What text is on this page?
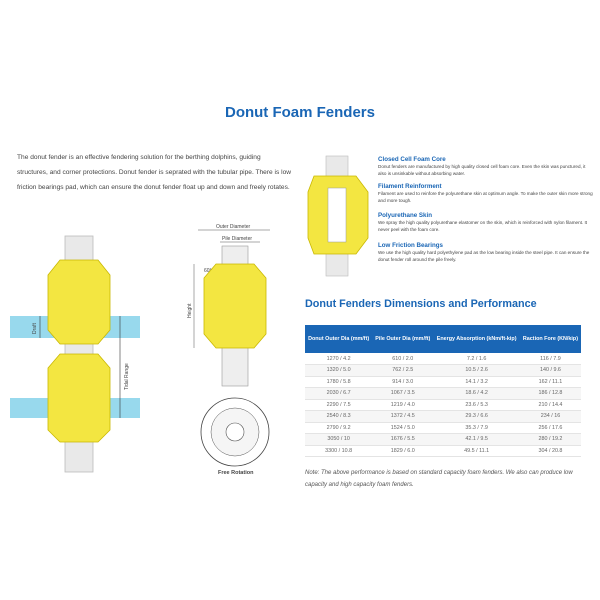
Donut Foam Fenders
The donut fender is an effective fendering solution for the berthing dolphins, guiding structures, and corner protections. Donut fender is seprated with the tubular pipe. There is low friction bearings pad, which can ensure the donut fender float up and down and freely rotates.
Draft
Tidal Range
Outer Diameter
Pile Diameter
60°
Height
Free Rotation
Closed Cell Foam Core
Donut fenders are manufactured by high quality closed cell foam core. Even the skin was punctured, it also is unsinkable without absorbing water.
Filament Reinforment
Filament are used to reinfore the polyurethane skin at optimum angle. To make the outer skin more strong and more tough.
Polyurethane Skin
We spray the high quality polyurethane elastomer on the skin, which is reinforced with nylon filament. It never peel with the foam core.
Low Friction Bearings
We use the high quality hard polyethylene pad as the low bearing inside the steel pipe. It can ensure the donut fender roll around the pile freely.
Donut Fenders Dimensions and Performance
Donut Outer Dia (mm/ft)	Pile Outer Dia (mm/ft)	Energy Absorption (kNm/ft-kip)	Raction Fore (KN/kip)
1270 / 4.2	610 / 2.0	7.2 / 1.6	116 / 7.9
1320 / 5.0	762 / 2.5	10.5 / 2.6	140 / 9.6
1780 / 5.8	914 / 3.0	14.1 / 3.2	162 / 11.1
2030 / 6.7	1067 / 3.5	18.6 / 4.2	186 / 12.8
2290 / 7.5	1219 / 4.0	23.6 / 5.3	210 / 14.4
2540 / 8.3	1372 / 4.5	29.3 / 6.6	234 / 16
2790 / 9.2	1524 / 5.0	35.3 / 7.9	256 / 17.6
3050 / 10	1676 / 5.5	42.1 / 9.5	280 / 19.2
3300 / 10.8	1829 / 6.0	49.5 / 11.1	304 / 20.8
Note: The above performance is based on standard capacity foam fenders. We also can produce low capacity and high capacity foam fenders.
